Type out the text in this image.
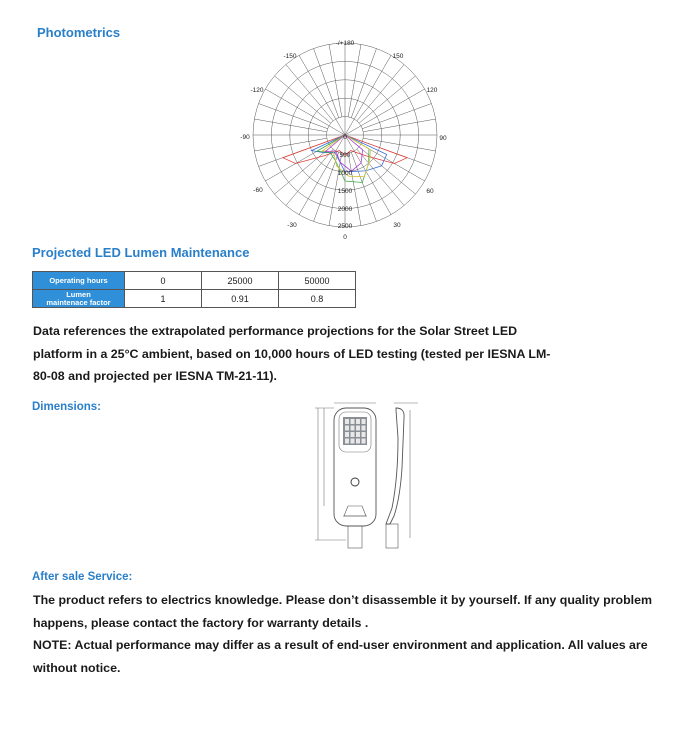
Photometrics
-/+180
-150	150
-120	120
-90	90
-60	60
-30	30
0
0
500
1000
1500
2000
2500
Projected LED Lumen Maintenance
Operating hours	0	25000	50000

Lumen
maintenace factor	1	0.91	0.8
Data references the extrapolated performance projections for the Solar Street LED
platform in a 25°C ambient, based on 10,000 hours of LED testing (tested per IESNA LM-
80-08 and projected per IESNA TM-21-11).
Dimensions:
After sale Service:
The product refers to electrics knowledge. Please don’t disassemble it by yourself. If any quality problem
happens, please contact the factory for warranty details .
NOTE: Actual performance may differ as a result of end-user environment and application. All values are
without notice.
